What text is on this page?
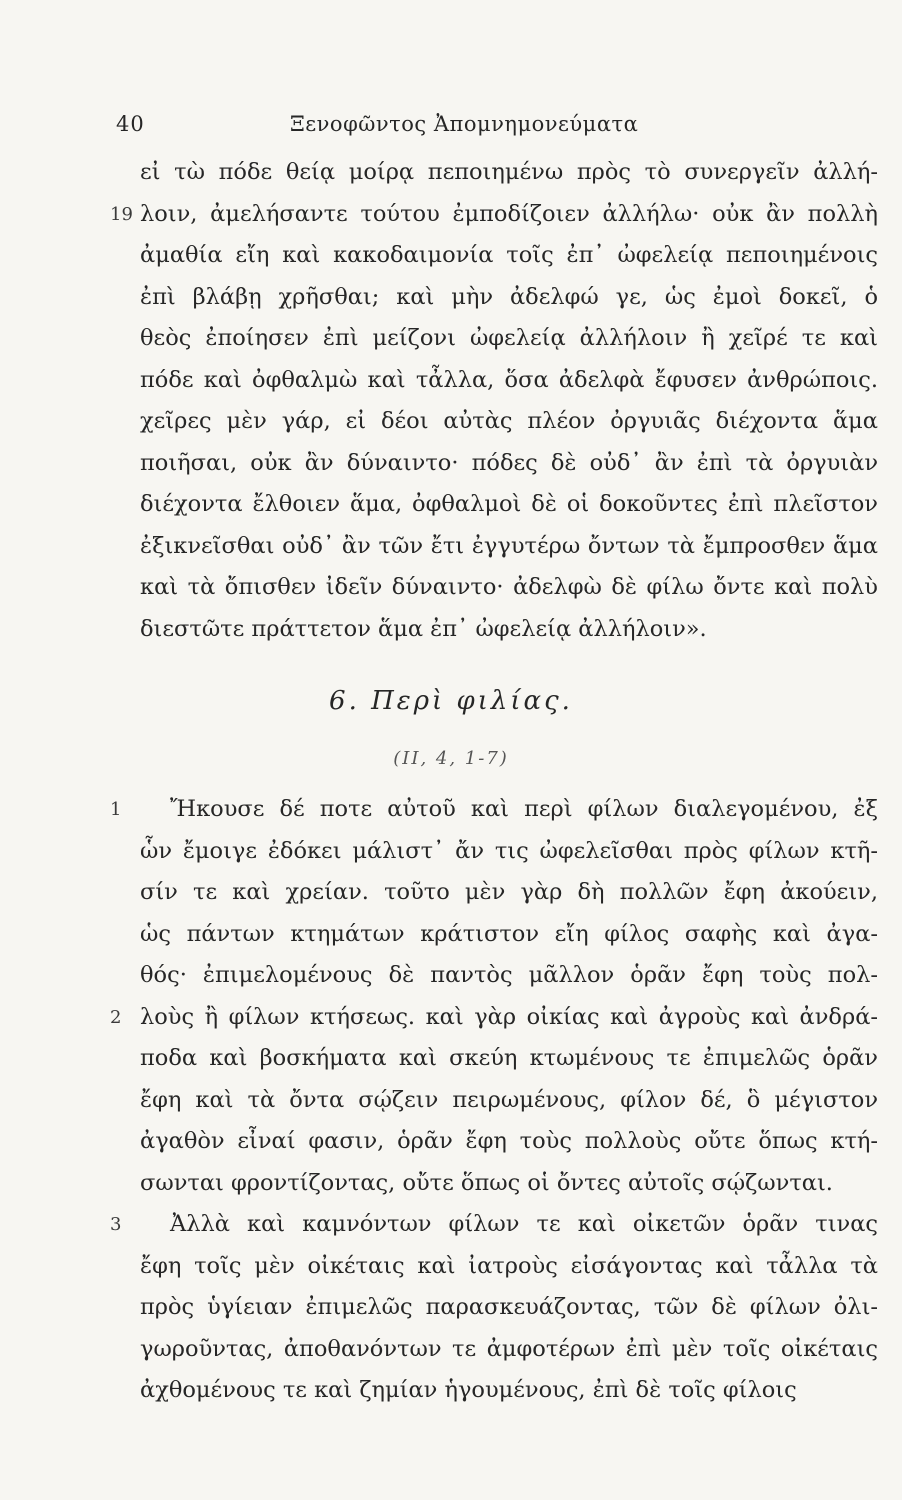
40	Ξενοφῶντος Ἀπομνημονεύματα
εἰ τὼ πόδε θείᾳ μοίρᾳ πεποιημένω πρὸς τὸ συνεργεῖν ἀλλή-
19 λοιν, ἀμελήσαντε τούτου ἐμποδίζοιεν ἀλλήλω· οὐκ ἂν πολλὴ
ἀμαθία εἴη καὶ κακοδαιμονία τοῖς ἐπ᾽ ὠφελείᾳ πεποιημένοις
ἐπὶ βλάβῃ χρῆσθαι; καὶ μὴν ἀδελφώ γε, ὡς ἐμοὶ δοκεῖ, ὁ
θεὸς ἐποίησεν ἐπὶ μείζονι ὠφελείᾳ ἀλλήλοιν ἢ χεῖρέ τε καὶ
πόδε καὶ ὀφθαλμὼ καὶ τἆλλα, ὅσα ἀδελφὰ ἔφυσεν ἀνθρώποις.
χεῖρες μὲν γάρ, εἰ δέοι αὐτὰς πλέον ὀργυιᾶς διέχοντα ἅμα
ποιῆσαι, οὐκ ἂν δύναιντο· πόδες δὲ οὐδ᾽ ἂν ἐπὶ τὰ ὀργυιὰν
διέχοντα ἔλθοιεν ἅμα, ὀφθαλμοὶ δὲ οἱ δοκοῦντες ἐπὶ πλεῖστον
ἐξικνεῖσθαι οὐδ᾽ ἂν τῶν ἔτι ἐγγυτέρω ὄντων τὰ ἔμπροσθεν ἅμα
καὶ τὰ ὄπισθεν ἰδεῖν δύναιντο· ἀδελφὼ δὲ φίλω ὄντε καὶ πολὺ
διεστῶτε πράττετον ἅμα ἐπ᾽ ὠφελείᾳ ἀλλήλοιν».
6. Περὶ φιλίας.
(II, 4, 1-7)
1	Ἤκουσε δέ ποτε αὐτοῦ καὶ περὶ φίλων διαλεγομένου, ἐξ
ὧν ἔμοιγε ἐδόκει μάλιστ᾽ ἄν τις ὠφελεῖσθαι πρὸς φίλων κτῆ-
σίν τε καὶ χρείαν. τοῦτο μὲν γὰρ δὴ πολλῶν ἔφη ἀκούειν,
ὡς πάντων κτημάτων κράτιστον εἴη φίλος σαφὴς καὶ ἀγα-
θός· ἐπιμελομένους δὲ παντὸς μᾶλλον ὁρᾶν ἔφη τοὺς πολ-
2 λοὺς ἢ φίλων κτήσεως. καὶ γὰρ οἰκίας καὶ ἀγροὺς καὶ ἀνδρά-
ποδα καὶ βοσκήματα καὶ σκεύη κτωμένους τε ἐπιμελῶς ὁρᾶν
ἔφη καὶ τὰ ὄντα σῴζειν πειρωμένους, φίλον δέ, ὃ μέγιστον
ἀγαθὸν εἶναί φασιν, ὁρᾶν ἔφη τοὺς πολλοὺς οὔτε ὅπως κτή-
σωνται φροντίζοντας, οὔτε ὅπως οἱ ὄντες αὐτοῖς σῴζωνται.
3	Ἀλλὰ καὶ καμνόντων φίλων τε καὶ οἰκετῶν ὁρᾶν τινας
ἔφη τοῖς μὲν οἰκέταις καὶ ἰατροὺς εἰσάγοντας καὶ τἆλλα τὰ
πρὸς ὑγίειαν ἐπιμελῶς παρασκευάζοντας, τῶν δὲ φίλων ὀλι-
γωροῦντας, ἀποθανόντων τε ἀμφοτέρων ἐπὶ μὲν τοῖς οἰκέταις
ἀχθομένους τε καὶ ζημίαν ἡγουμένους, ἐπὶ δὲ τοῖς φίλοις
